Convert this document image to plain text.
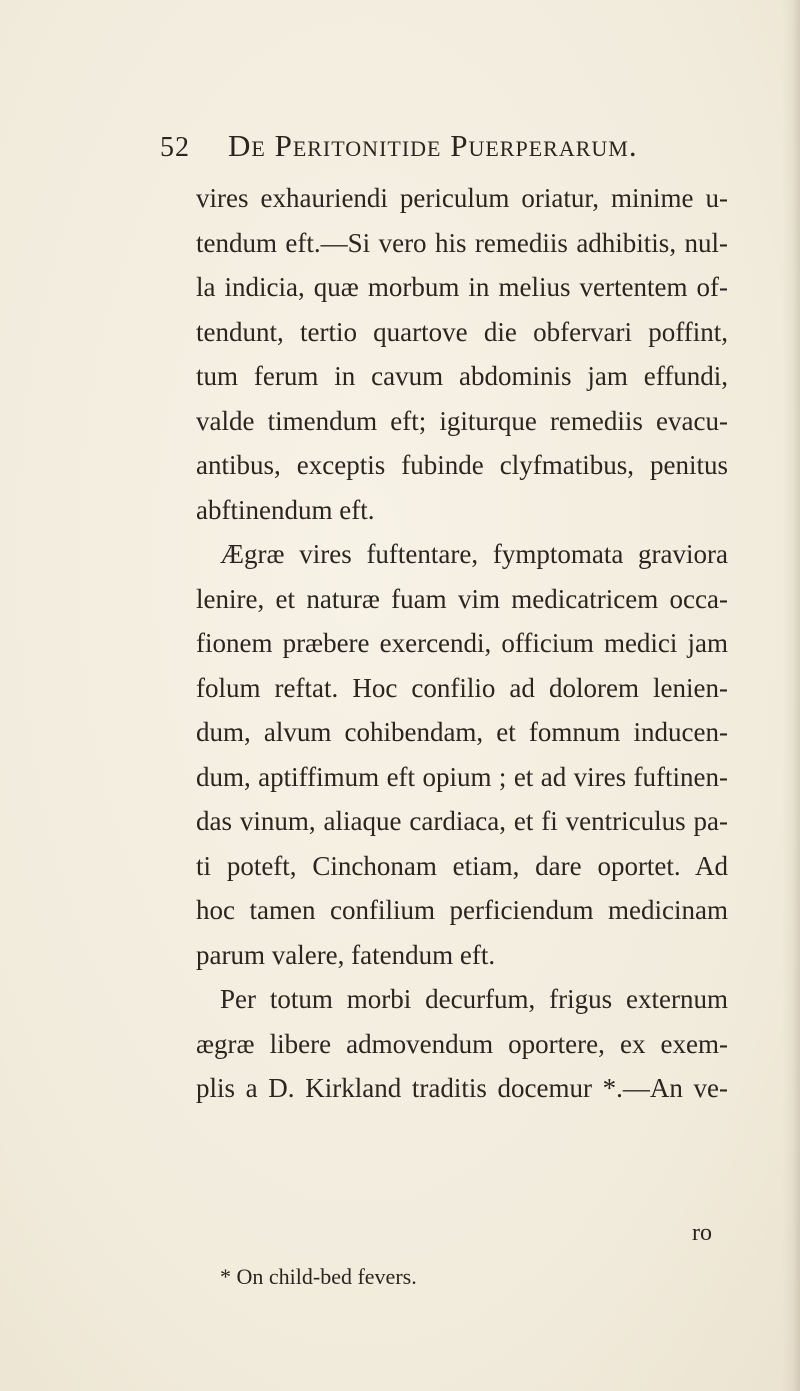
52 De Peritonitide Puerperarum.
vires exhauriendi periculum oriatur, minime u-
tendum eft.—Si vero his remediis adhibitis, nul-
la indicia, quæ morbum in melius vertentem of-
tendunt, tertio quartove die obfervari poffint,
tum ferum in cavum abdominis jam effundi,
valde timendum eft; igiturque remediis evacu-
antibus, exceptis fubinde clyfmatibus, penitus
abftinendum eft.
Ægræ vires fuftentare, fymptomata graviora
lenire, et naturæ fuam vim medicatricem occa-
fionem præbere exercendi, officium medici jam
folum reftat. Hoc confilio ad dolorem lenien-
dum, alvum cohibendam, et fomnum inducen-
dum, aptiffimum eft opium ; et ad vires fuftinen-
das vinum, aliaque cardiaca, et fi ventriculus pa-
ti poteft, Cinchonam etiam, dare oportet. Ad
hoc tamen confilium perficiendum medicinam
parum valere, fatendum eft.
Per totum morbi decurfum, frigus externum
ægræ libere admovendum oportere, ex exem-
plis a D. Kirkland traditis docemur *.—An ve-
ro
* On child-bed fevers.
